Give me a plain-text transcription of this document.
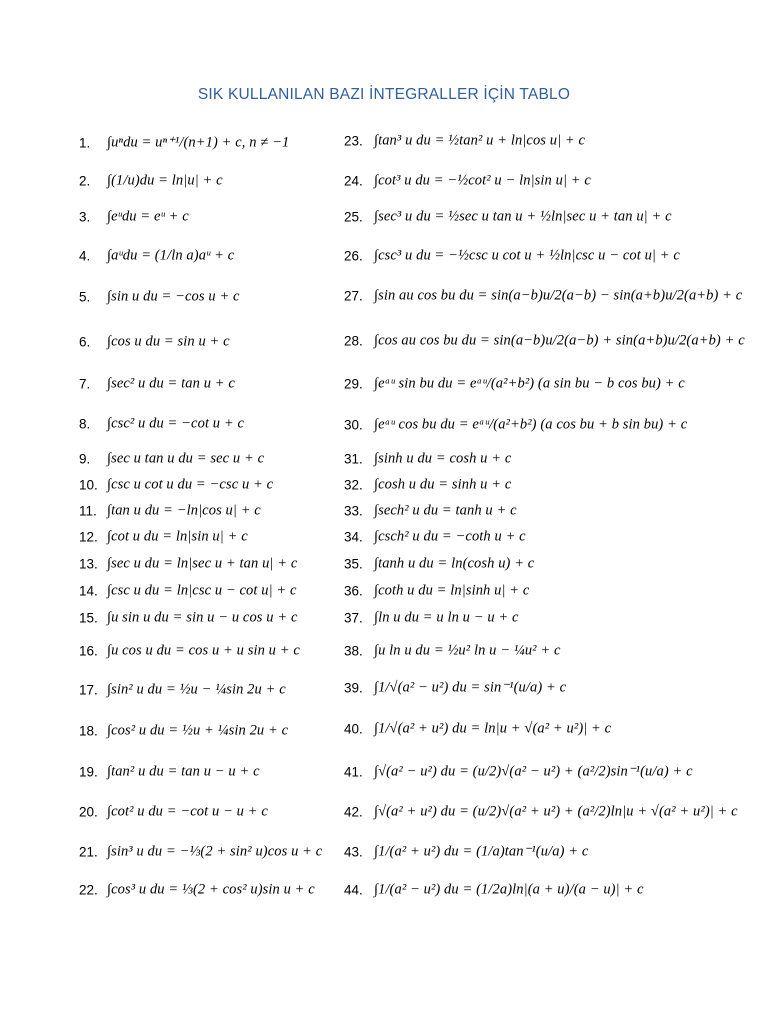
SIK KULLANILAN BAZI İNTEGRALLER İÇİN TABLO
1.	∫uⁿdu = uⁿ⁺¹/(n+1) + c, n ≠ −1
2.	∫(1/u)du = ln|u| + c
3.	∫eᵘdu = eᵘ + c
4.	∫aᵘdu = (1/ln a)aᵘ + c
5.	∫sin u du = −cos u + c
6.	∫cos u du = sin u + c
7.	∫sec² u du = tan u + c
8.	∫csc² u du = −cot u + c
9.	∫sec u tan u du = sec u + c
10. ∫csc u cot u du = −csc u + c
11. ∫tan u du = −ln|cos u| + c
12. ∫cot u du = ln|sin u| + c
13. ∫sec u du = ln|sec u + tan u| + c
14. ∫csc u du = ln|csc u − cot u| + c
15. ∫u sin u du = sin u − u cos u + c
16. ∫u cos u du = cos u + u sin u + c
17. ∫sin² u du = ½u − ¼sin 2u + c
18. ∫cos² u du = ½u + ¼sin 2u + c
19. ∫tan² u du = tan u − u + c
20. ∫cot² u du = −cot u − u + c
21. ∫sin³ u du = −⅓(2 + sin² u)cos u + c
22. ∫cos³ u du = ⅓(2 + cos² u)sin u + c
23. ∫tan³ u du = ½tan² u + ln|cos u| + c
24. ∫cot³ u du = −½cot² u − ln|sin u| + c
25. ∫sec³ u du = ½sec u tan u + ½ln|sec u + tan u| + c
26. ∫csc³ u du = −½csc u cot u + ½ln|csc u − cot u| + c
27. ∫sin au cos bu du = sin(a−b)u/2(a−b) − sin(a+b)u/2(a+b) + c
28. ∫cos au cos bu du = sin(a−b)u/2(a−b) + sin(a+b)u/2(a+b) + c
29. ∫eᵃᵘ sin bu du = eᵃᵘ/(a²+b²) (a sin bu − b cos bu) + c
30. ∫eᵃᵘ cos bu du = eᵃᵘ/(a²+b²) (a cos bu + b sin bu) + c
31. ∫sinh u du = cosh u + c
32. ∫cosh u du = sinh u + c
33. ∫sech² u du = tanh u + c
34. ∫csch² u du = −coth u + c
35. ∫tanh u du = ln(cosh u) + c
36. ∫coth u du = ln|sinh u| + c
37. ∫ln u du = u ln u − u + c
38. ∫u ln u du = ½u² ln u − ¼u² + c
39. ∫1/√(a² − u²) du = sin⁻¹(u/a) + c
40. ∫1/√(a² + u²) du = ln|u + √(a² + u²)| + c
41. ∫√(a² − u²) du = (u/2)√(a² − u²) + (a²/2)sin⁻¹(u/a) + c
42. ∫√(a² + u²) du = (u/2)√(a² + u²) + (a²/2)ln|u + √(a² + u²)| + c
43. ∫1/(a² + u²) du = (1/a)tan⁻¹(u/a) + c
44. ∫1/(a² − u²) du = (1/2a)ln|(a + u)/(a − u)| + c
